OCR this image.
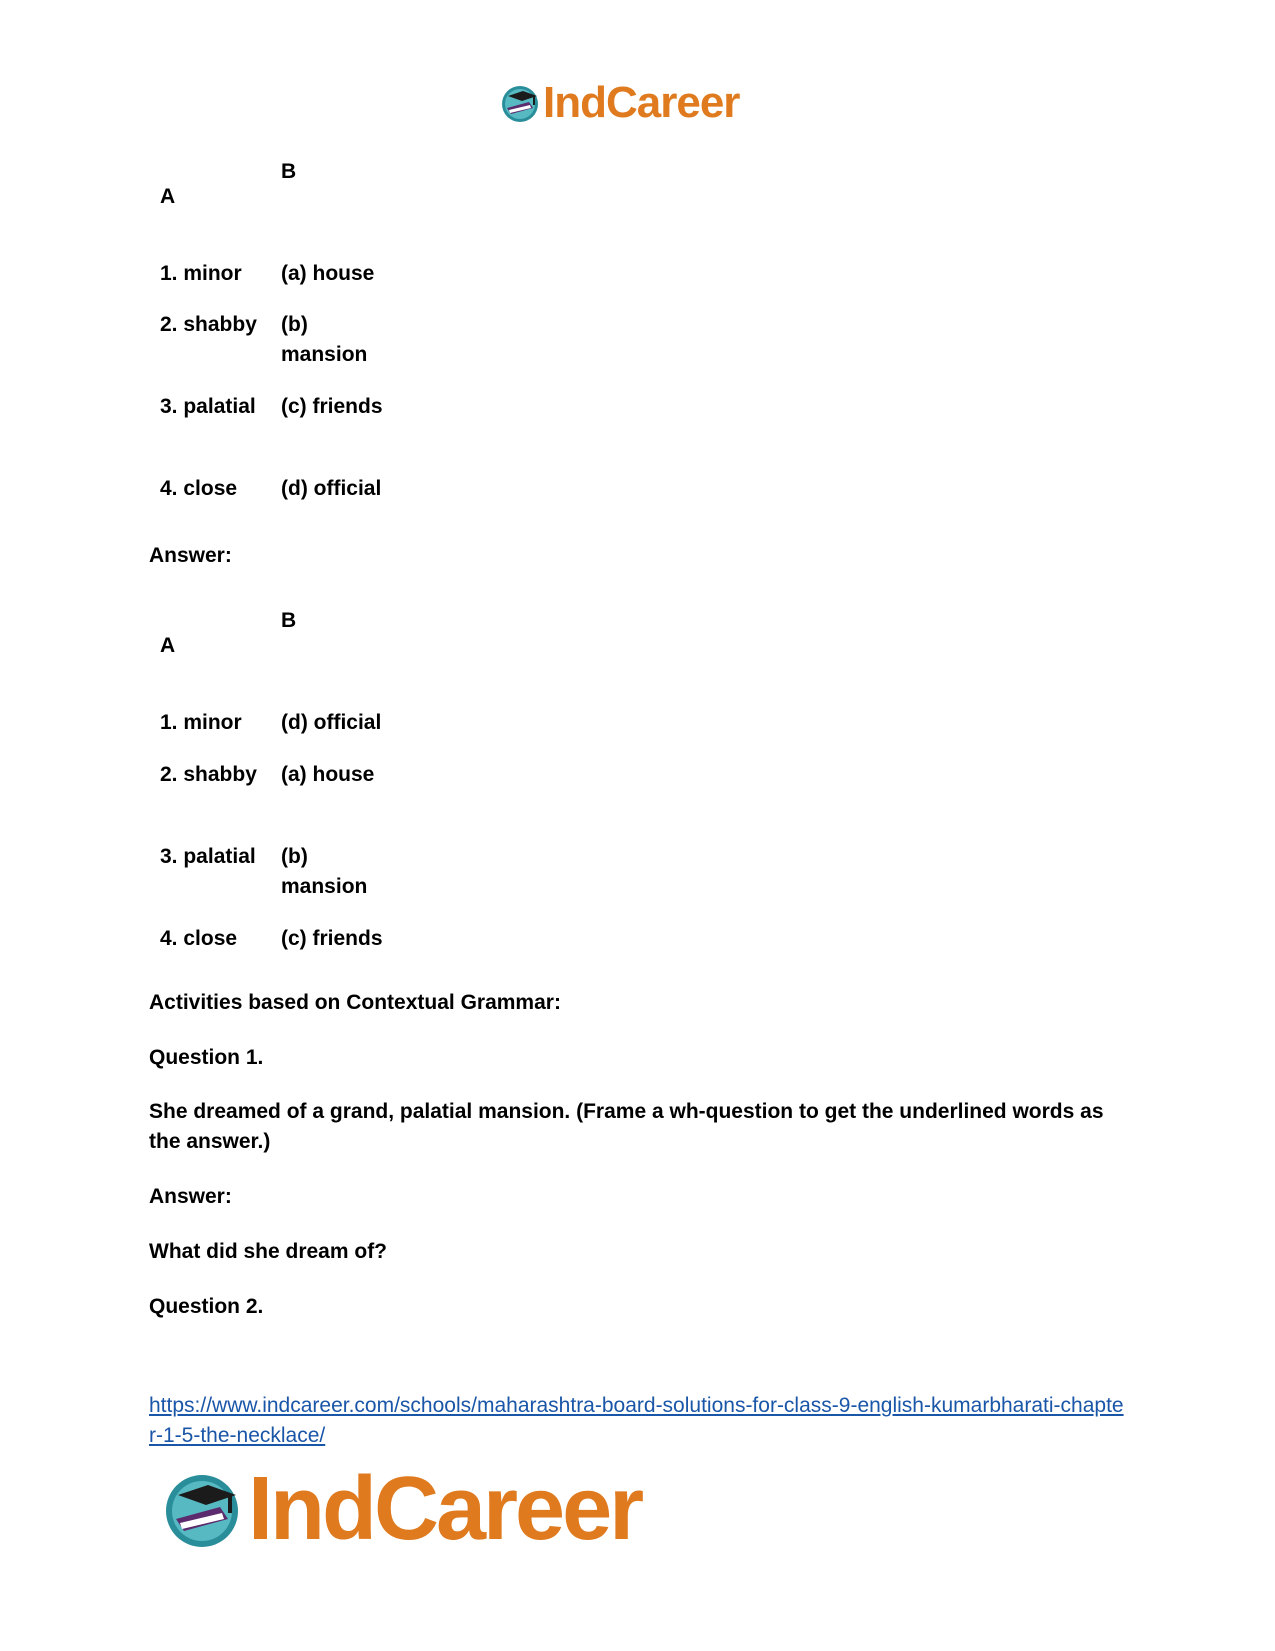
IndCareer
A
B
1. minor	(a) house
2. shabby (b) mansion
3. palatial (c) friends
4. close	(d) official
Answer:
A
B
1. minor	(d) official
2. shabby (a) house
3. palatial (b) mansion
4. close	(c) friends
Activities based on Contextual Grammar:
Question 1.
She dreamed of a grand, palatial mansion. (Frame a wh-question to get the underlined words as the answer.)
Answer:
What did she dream of?
Question 2.
https://www.indcareer.com/schools/maharashtra-board-solutions-for-class-9-english-kumarbharati-chapter-1-5-the-necklace/
IndCareer
